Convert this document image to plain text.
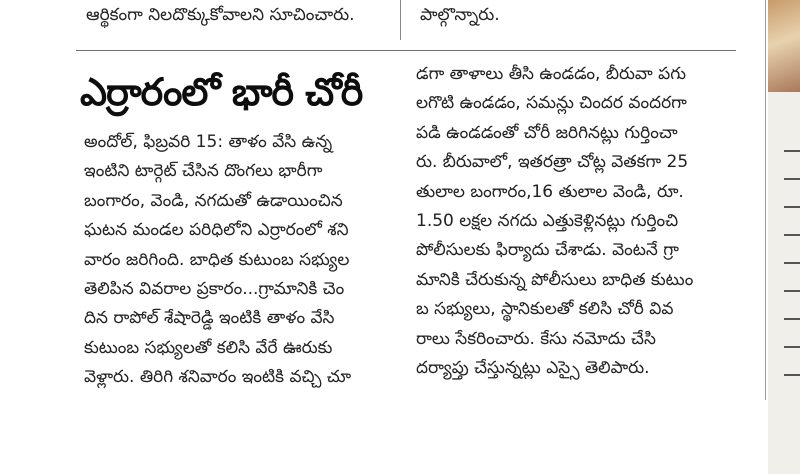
ఆర్థికంగా నిలదొక్కుకోవాలని సూచించారు.	పాల్గొన్నారు.
ఎర్రారంలో భారీ చోరీ
అందోల్, ఫిబ్రవరి 15: తాళం వేసి ఉన్న
ఇంటిని టార్గెట్ చేసిన దొంగలు భారీగా
బంగారం, వెండి, నగదుతో ఉడాయించిన
ఘటన మండల పరిధిలోని ఎర్రారంలో శని
వారం జరిగింది. బాధిత కుటుంబ సభ్యుల
తెలిపిన వివరాల ప్రకారం...గ్రామానికి చెం
దిన రాపోల్ శేషారెడ్డి ఇంటికి తాళం వేసి
కుటుంబ సభ్యులతో కలిసి వేరే ఊరుకు
వెళ్లారు. తిరిగి శనివారం ఇంటికి వచ్చి చూ
డగా తాళాలు తీసి ఉండడం, బీరువా పగు
లగొటి ఉండడం, సమన్లు చిందర వందరగా
పడి ఉండడంతో చోరీ జరిగినట్లు గుర్తించా
రు. బీరువాలో, ఇతరత్రా చోట్ల వెతకగా 25
తులాల బంగారం,16 తులాల వెండి, రూ.
1.50 లక్షల నగదు ఎత్తుకెళ్లినట్లు గుర్తించి
పోలీసులకు ఫిర్యాదు చేశాడు. వెంటనే గ్రా
మానికి చేరుకున్న పోలీసులు బాధిత కుటుం
బ సభ్యులు, స్థానికులతో కలిసి చోరీ వివ
రాలు సేకరించారు. కేసు నమోదు చేసి
దర్యాప్తు చేస్తున్నట్లు ఎస్సై తెలిపారు.
